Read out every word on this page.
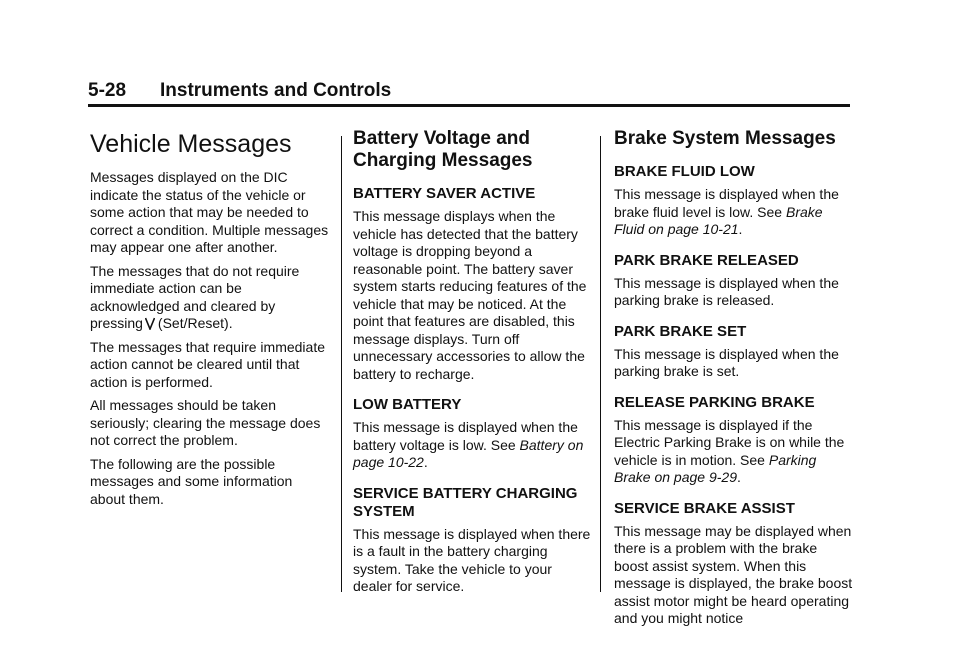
5-28 Instruments and Controls
Vehicle Messages

Messages displayed on the DIC indicate the status of the vehicle or some action that may be needed to correct a condition. Multiple messages may appear one after another.

The messages that do not require immediate action can be acknowledged and cleared by pressing (Set/Reset).

The messages that require immediate action cannot be cleared until that action is performed.

All messages should be taken seriously; clearing the message does not correct the problem.

The following are the possible messages and some information about them.

Battery Voltage and Charging Messages
BATTERY SAVER ACTIVE

This message displays when the vehicle has detected that the battery voltage is dropping beyond a reasonable point. The battery saver system starts reducing features of the vehicle that may be noticed. At the point that features are disabled, this message displays. Turn off unnecessary accessories to allow the battery to recharge.

LOW BATTERY

This message is displayed when the battery voltage is low. See Battery on page 10-22.

SERVICE BATTERY CHARGING SYSTEM

This message is displayed when there is a fault in the battery charging system. Take the vehicle to your dealer for service.

Brake System Messages
BRAKE FLUID LOW

This message is displayed when the brake fluid level is low. See Brake Fluid on page 10-21.

PARK BRAKE RELEASED

This message is displayed when the parking brake is released.

PARK BRAKE SET

This message is displayed when the parking brake is set.

RELEASE PARKING BRAKE

This message is displayed if the Electric Parking Brake is on while the vehicle is in motion. See Parking Brake on page 9-29.

SERVICE BRAKE ASSIST

This message may be displayed when there is a problem with the brake boost assist system. When this message is displayed, the brake boost assist motor might be heard operating and you might notice
